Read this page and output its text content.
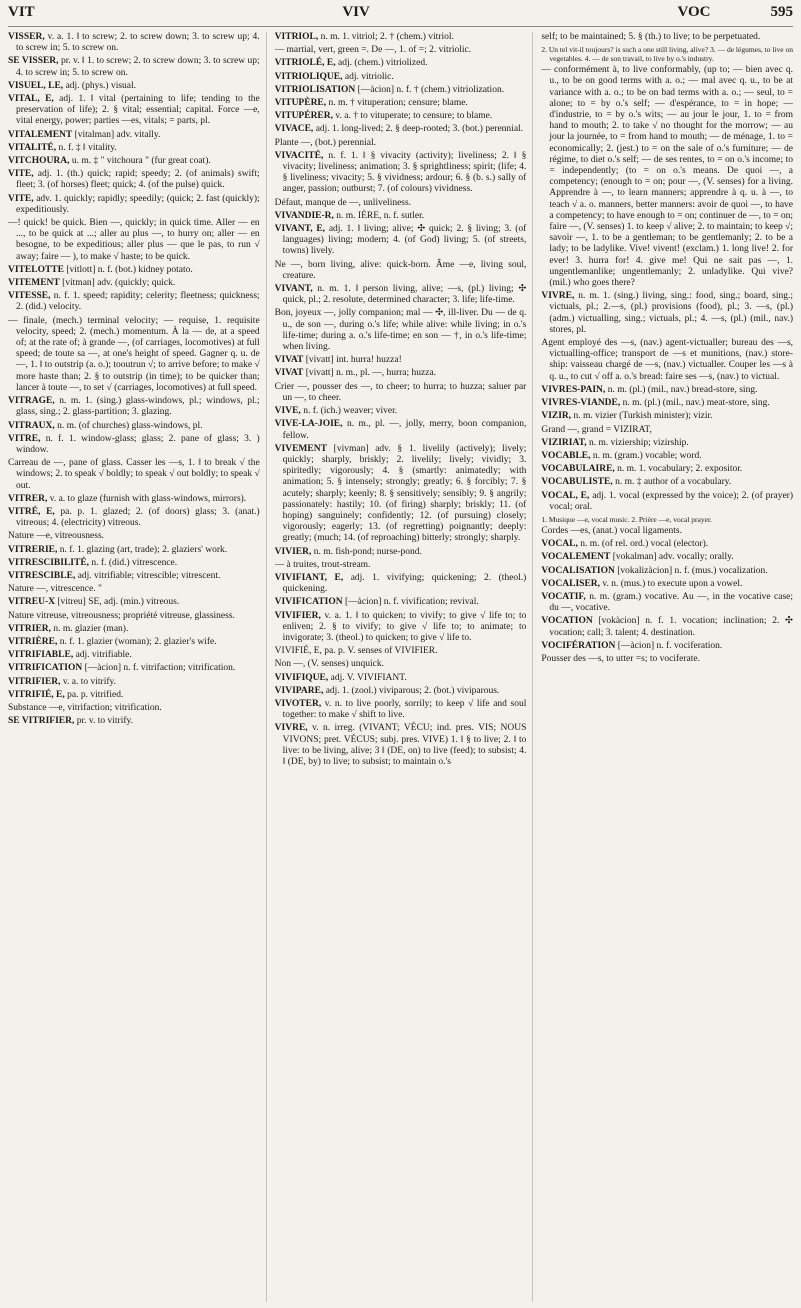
VIT	VIV	VOC	595

VISSER, v. a. 1. ‖ to screw; 2. to screw down; 3. to screw up; 4. to screw in; 5. to screw on.

SE VISSER, pr. v. ‖ 1. to screw; 2. to screw down; 3. to screw up; 4. to screw in; 5. to screw on.

VISUEL, LE, adj. (phys.) visual.

VITAL, E, adj. 1. ‖ vital (pertaining to life; tending to the preservation of life); 2. § vital; essential; capital. Force —e, vital energy, power; parties —es, vitals; = parts, pl.

VITALEMENT [vitalman] adv. vitally.

VITALITÉ, n. f. ‡ ‖ vitality.

VITCHOURA, u. m. ‡ " vitchoura " (fur great coat).

VITE, adj. 1. (th.) quick; rapid; speedy; 2. (of animals) swift; fleet; 3. (of horses) fleet; quick; 4. (of the pulse) quick.

VITE, adv. 1. quickly; rapidly; speedily; (quick; 2. fast (quickly); expeditiously.

—! quick! be quick. Bien —, quickly; in quick time. Aller — en ..., to be quick at ...; aller au plus —, to hurry on; aller — en besogne, to be expeditious; aller plus — que le pas, to run √ away; faire — ), to make √ haste; to be quick.

VITELOTTE [vitlott] n. f. (bot.) kidney potato.

VITEMENT [vitman] adv. (quickly; quick.

VITESSE, n. f. 1. speed; rapidity; celerity; fleetness; quickness; 2. (did.) velocity.

— finale, (mech.) terminal velocity; — requise, 1. requisite velocity, speed; 2. (mech.) momentum. À la — de, at a speed of; at the rate of; à grande —, (of carriages, locomotives) at full speed; de toute sa —, at one's height of speed. Gagner q. u. de —, 1. ‖ to outstrip (a. o.); tooutrun √; to arrive before; to make √ more haste than; 2. § to outstrip (in time); to be quicker than; lancer à toute —, to set √ (carriages, locomotives) at full speed.

VITRAGE, n. m. 1. (sing.) glass-windows, pl.; windows, pl.; glass, sing.; 2. glass-partition; 3. glazing.

VITRAUX, n. m. (of churches) glass-windows, pl.

VITRE, n. f. 1. window-glass; glass; 2. pane of glass; 3. ) window.

Carreau de —, pane of glass. Casser les —s, 1. ‖ to break √ the windows; 2. to speak √ boldly; to speak √ out boldly; to speak √ out.

VITRER, v. a. to glaze (furnish with glass-windows, mirrors).

VITRÉ, E, pa. p. 1. glazed; 2. (of doors) glass; 3. (anat.) vitreous; 4. (electricity) vitreous.

Nature —e, vitreousness.

VITRERIE, n. f. 1. glazing (art, trade); 2. glaziers' work.

VITRESCIBILITÉ, n. f. (did.) vitrescence.

VITRESCIBLE, adj. vitrifiable; vitrescible; vitrescent.

Nature —, vitrescence. "

VITREU-X [vitreu] SE, adj. (min.) vitreous.

Nature vitreuse, vitreousness; propriété vitreuse, glassiness.

VITRIER, n. m. glazier (man).

VITRIÈRE, n. f. 1. glazier (woman); 2. glazier's wife.

VITRIFIABLE, adj. vitrifiable.

VITRIFICATION [—àcion] n. f. vitrifaction; vitrification.

VITRIFIER, v. a. to vitrify.

VITRIFIÉ, E, pa. p. vitrified.

Substance —e, vitrifaction; vitrification.

SE VITRIFIER, pr. v. to vitrify.

VITRIOL, n. m. 1. vitriol; 2. † (chem.) vitriol.

— martial, vert, green =. De —, 1. of =; 2. vitriolic.

VITRIOLÉ, E, adj. (chem.) vitriolized.

VITRIOLIQUE, adj. vitriolic.

VITRIOLISATION [—àcion] n. f. † (chem.) vitriolization.

VITUPÈRE, n. m. † vituperation; censure; blame.

VITUPÉRER, v. a. † to vituperate; to censure; to blame.

VIVACE, adj. 1. long-lived; 2. § deep-rooted; 3. (bot.) perennial.

Plante —, (bot.) perennial.

VIVACITÉ, n. f. 1. ‖ § vivacity (activity); liveliness; 2. ‖ § vivacity; liveliness; animation; 3. § sprightliness; spirit; (life; 4. § liveliness; vivacity; 5. § vividness; ardour; 6. § (b. s.) sally of anger, passion; outburst; 7. (of colours) vividness.

Défaut, manque de —, unliveliness.

VIVANDIE-R, n. m. IÈRE, n. f. sutler.

VIVANT, E, adj. 1. ‖ living; alive; ✣ quick; 2. § living; 3. (of languages) living; modern; 4. (of God) living; 5. (of streets, towns) lively.

Ne —, born living, alive: quick-born. Âme —e, living soul, creature.

VIVANT, n. m. 1. ‖ person living, alive; —s, (pl.) living; ✣ quick, pl.; 2. resolute, determined character; 3. life; life-time.

Bon, joyeux —, jolly companion; mal — ✣, ill-liver. Du — de q. u., de son —, during o.'s life; while alive: while living; in o.'s life-time; during a. o.'s life-time; en son — †, in o.'s life-time; when living.

VIVAT [vivatt] int. hurra! huzza!

VIVAT [vivatt] n. m., pl. —, hurra; huzza.

Crier —, pousser des —, to cheer; to hurra; to huzza; saluer par un —, to cheer.

VIVE, n. f. (ich.) weaver; viver.

VIVE-LA-JOIE, n. m., pl. —, jolly, merry, boon companion, fellow.

VIVEMENT [vivman] adv. § 1. livelily (actively); lively; quickly; sharply, briskly; 2. livelily; lively; vividly; 3. spiritedly; vigorously; 4. § (smartly: animatedly; with animation; 5. § intensely; strongly; greatly; 6. § forcibly; 7. § acutely; sharply; keenly; 8. § sensitively; sensibly; 9. § angrily; passionately: hastily; 10. (of firing) sharply; briskly; 11. (of hoping) sanguinely; confidently; 12. (of pursuing) closely; vigorously; eagerly; 13. (of regretting) poignantly; deeply: greatly; (much; 14. (of reproaching) bitterly; strongly; sharply.

VIVIER, n. m. fish-pond; nurse-pond.

— à truites, trout-stream.

VIVIFIANT, E, adj. 1. vivifying; quickening; 2. (theol.) quickening.

VIVIFICATION [—àcion] n. f. vivification; revival.

VIVIFIER, v. a. 1. ‖ to quicken; to vivify; to give √ life to; to enliven; 2. § to vivify; to give √ life to; to animate; to invigorate; 3. (theol.) to quicken; to give √ life to.

VIVIFIÉ, E, pa. p. V. senses of VIVIFIER.

Non —, (V. senses) unquick.

VIVIFIQUE, adj. V. VIVIFIANT.

VIVIPARE, adj. 1. (zool.) viviparous; 2. (bot.) viviparous.

VIVOTER, v. n. to live poorly, sorrily; to keep √ life and soul together: to make √ shift to live.

VIVRE, v. n. irreg. (VIVANT; VÉCU; ind. pres. VIS; NOUS VIVONS; pret. VÉCUS; subj. pres. VIVE) 1. ‖ § to live; 2. ‖ to live: to be living, alive; 3 ‖ (DE, on) to live (feed); to subsist; 4. ‖ (DE, by) to live; to subsist; to maintain o.'s

self; to be maintained; 5. § (th.) to live; to be perpetuated.

2. Un tel vit-il toujours? is such a one still living, alive? 3. — de légumes, to live on vegetables. 4. — de son travail, to live by o.'s industry.

— conformément à, to live conformably, (up to; — bien avec q. u., to be on good terms with a. o.; — mal avec q. u., to be at variance with a. o.; to be on bad terms with a. o.; — seul, to = alone; to = by o.'s self; — d'espérance, to = in hope; — d'industrie, to = by o.'s wits; — au jour le jour, 1. to = from hand to mouth; 2. to take √ no thought for the morrow; — au jour la journée, to = from hand to mouth; — de ménage, 1. to = economically; 2. (jest.) to = on the sale of o.'s furniture; — de régime, to diet o.'s self; — de ses rentes, to = on o.'s income; to = independently; (to = on o.'s means. De quoi —, a competency; (enough to = on; pour —, (V. senses) for a living. Apprendre à —, to learn manners; apprendre à q. u. à —, to teach √ a. o. manners, better manners: avoir de quoi —, to have a competency; to have enough to = on; continuer de —, to = on; faire —, (V. senses) 1. to keep √ alive; 2. to maintain; to keep √; savoir —, 1. to be a gentleman; to be gentlemanly; 2. to be a lady; to be ladylike. Vive! vivent! (exclam.) 1. long live! 2. for ever! 3. hurra for! 4. give me! Qui ne sait pas —, 1. ungentlemanlike; ungentlemanly; 2. unladylike. Qui vive? (mil.) who goes there?

VIVRE, n. m. 1. (sing.) living, sing.: food, sing.; board, sing.; victuals, pl.; 2.—s, (pl.) provisions (food), pl.; 3. —s, (pl.) (adm.) victualling, sing.; victuals, pl.; 4. —s, (pl.) (mil., nav.) stores, pl.

Agent employé des —s, (nav.) agent-victualler; bureau des —s, victualling-office; transport de —s et munitions, (nav.) store-ship: vaisseau chargé de —s, (nav.) victualler. Couper les —s à q. u., to cut √ off a. o.'s bread: faire ses —s, (nav.) to victual.

VIVRES-PAIN, n. m. (pl.) (mil., nav.) bread-store, sing.

VIVRES-VIANDE, n. m. (pl.) (mil., nav.) meat-store, sing.

VIZIR, n. m. vizier (Turkish minister); vizir.

Grand —, grand = VIZIRAT,

VIZIRIAT, n. m. viziership; vizirship.

VOCABLE, n. m. (gram.) vocable; word.

VOCABULAIRE, n. m. 1. vocabulary; 2. expositor.

VOCABULISTE, n. m. ‡ author of a vocabulary.

VOCAL, E, adj. 1. vocal (expressed by the voice); 2. (of prayer) vocal; oral.

1. Musique —e, vocal music. 2. Prière —e, vocal prayer.

Cordes —es, (anat.) vocal ligaments.

VOCAL, n. m. (of rel. ord.) vocal (elector).

VOCALEMENT [vokalman] adv. vocally; orally.

VOCALISATION [vokalizàcion] n. f. (mus.) vocalization.

VOCALISER, v. n. (mus.) to execute upon a vowel.

VOCATIF, n. m. (gram.) vocative. Au —, in the vocative case; du —, vocative.

VOCATION [vokàcion] n. f. 1. vocation; inclination; 2. ✣ vocation; call; 3. talent; 4. destination.

VOCIFÉRATION [—àcion] n. f. vociferation.

Pousser des —s, to utter =s; to vociferate.
